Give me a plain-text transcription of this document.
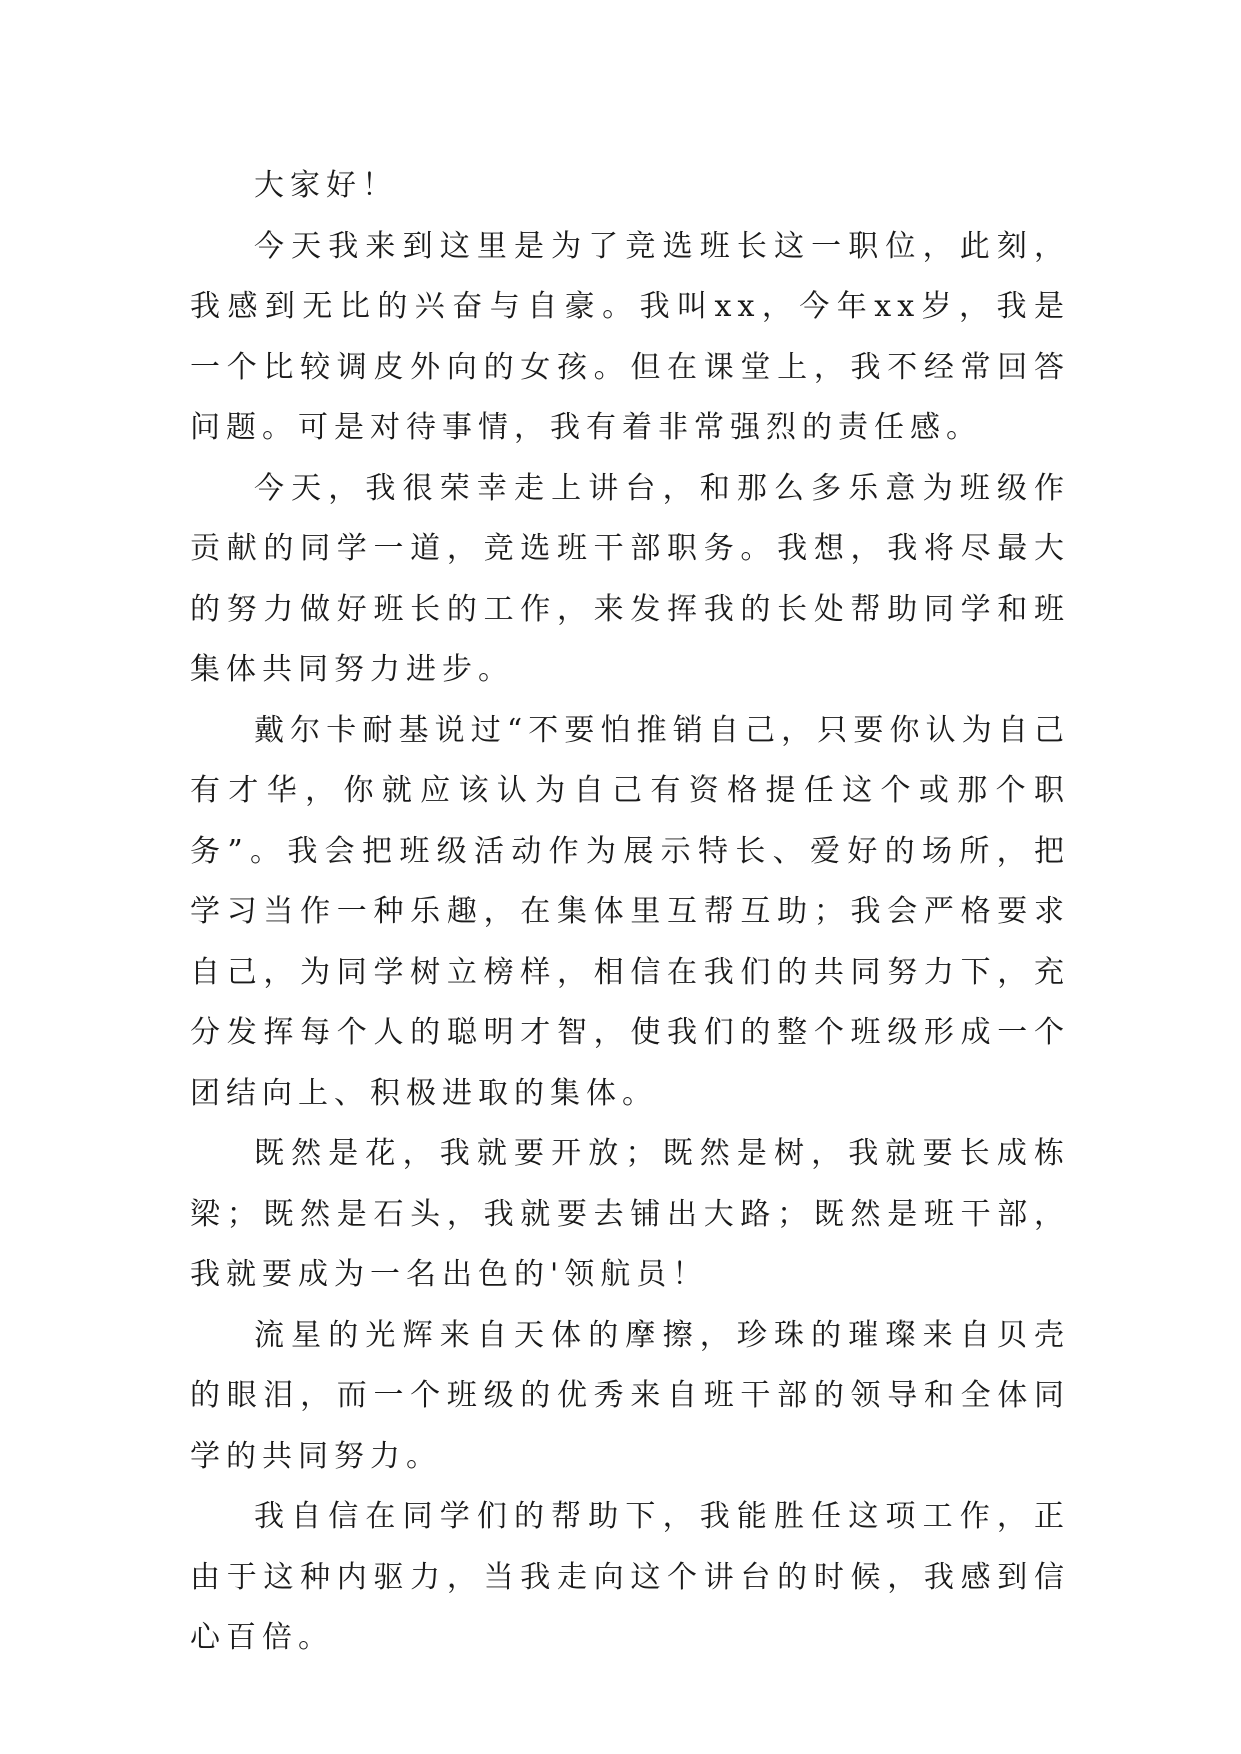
大家好！

今天我来到这里是为了竞选班长这一职位，此刻，我感到无比的兴奋与自豪。我叫xx，今年xx岁，我是一个比较调皮外向的女孩。但在课堂上，我不经常回答问题。可是对待事情，我有着非常强烈的责任感。

今天，我很荣幸走上讲台，和那么多乐意为班级作贡献的同学一道，竞选班干部职务。我想，我将尽最大的努力做好班长的工作，来发挥我的长处帮助同学和班集体共同努力进步。

戴尔卡耐基说过“不要怕推销自己，只要你认为自己有才华，你就应该认为自己有资格提任这个或那个职务”。我会把班级活动作为展示特长、爱好的场所，把学习当作一种乐趣，在集体里互帮互助；我会严格要求自己，为同学树立榜样，相信在我们的共同努力下，充分发挥每个人的聪明才智，使我们的整个班级形成一个团结向上、积极进取的集体。

既然是花，我就要开放；既然是树，我就要长成栋梁；既然是石头，我就要去铺出大路；既然是班干部，我就要成为一名出色的'领航员！

流星的光辉来自天体的摩擦，珍珠的璀璨来自贝壳的眼泪，而一个班级的优秀来自班干部的领导和全体同学的共同努力。

我自信在同学们的帮助下，我能胜任这项工作，正由于这种内驱力，当我走向这个讲台的时候，我感到信心百倍。
